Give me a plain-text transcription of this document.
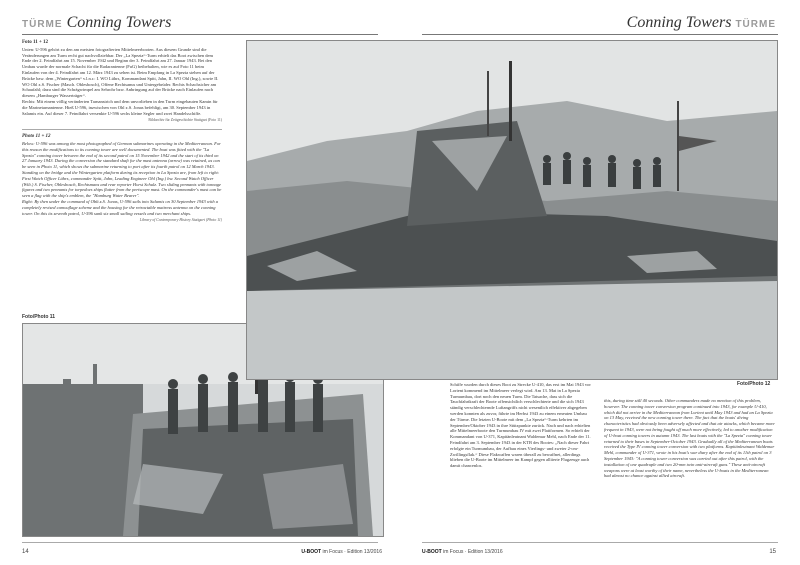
TÜRME Conning Towers
Foto 11 + 12
Unten: U-596 gehört zu den am meisten fotografierten Mittelmeerbooten. Aus diesem Grunde sind die Veränderungen am Turm recht gut nachvollziehbar. Der „La Spezia“-Turm erhielt das Boot zwischen dem Ende der 2. Feindfahrt am 15. November 1942 und Beginn der 3. Feindfahrt am 27. Januar 1943. Bei den Umbau wurde der normale Schacht für die Radarantenne (FuG) beibehalten, wie es auf Foto 11 beim Einlaufen von der 4. Feindfahrt am 12. März 1943 zu sehen ist. Beim Empfang in La Spezia stehen auf der Brücke bzw. dem „Wintergarten“ v.l.n.r.: I. WO Lührs, Kommandant Spitt, Jahn, II. WO Ohl (Ing.), sowie II. WO Ohl z.S. Fischer (Masch. Oblesbosch), Offene Rechtsanus und Untergebrüder. Rechts Schachsicher am Schaufahl; dazu sind die Schrägwimpel am Sehrohr bzw. Anbringung auf der Brücke nach Einlaufen nach diesem „Hamburger Wasserträger“.
Rechts: Mit einem völlig veränderten Tarnanstrich und dem unvorlieben in den Turm eingebauten Kamin für die Marinetarnantenne. Hieß U-596, inzwischen von Ohl z.S. Jonas befehligt, am 30. September 1943 in Salamis ein. Auf dieser 7. Feindfahrt versenkte U-596 sechs kleine Segler und zwei Handelsschiffe.
Bildarchiv für Zeitgeschichte Stuttgart (Foto 11)
Photo 11 + 12
Below: U-596 was among the most photographed of German submarines operating in the Mediterranean. For this reason the modifications to its conning tower are well documented. The boat was fitted with the "La Spezia" conning tower between the end of its second patrol on 15 November 1942 and the start of its third on 27 January 1943. During the conversion the standard shaft for the mast antenna (arrow) was retained, as can be seen in Photo 11, which shows the submarine returning to port after its fourth patrol on 12 March 1943. Standing on the bridge and the Wintergarten platform during its reception in La Spezia are, from left to right: First Watch Officer Lührs, commander Spitt, Jahn, Leading Engineer Ohl (Ing.) bw. Second Watch Officer (Wilt.) S. Fischer, Oblesbosch, Rechtsmans and rear reporter Horst Schulz. Two sliding pennants with tonnage figures and two pennants for torpedoes ships flutter from the periscope mast. On the commander's mast can be seen a flag with the ship's emblem, the "Hamburg Water Bearer".
Right: By then under the command of Oblt.z.S. Jonas, U-596 sails into Salamis on 30 September 1943 with a completely revised camouflage scheme and the housing for the retractable mattress antenna on the conning tower. On this its seventh patrol, U-596 sank six small sailing vessels and two merchant ships.
Library of Contemporary History Stuttgart (Photo 11)
Foto/Photo 11
14	U-BOOT im Focus · Edition 13/2016
Conning Towers TÜRME
Foto/Photo 12
Schiffe wurden durch dieses Boot zu Strecke U-410, das erst im Mai 1943 vor Lorient kommend im Mittelmeer verlegt wird. Am 13. Mai in La Spezia Turmumbau, dort noch den neuen Turm. Die Tatsache, dass sich die Tauchfahrtkraft der Boote offensichtlich verschlechterte und die sich 1943 ständig verschlechternde Luftangriffs nicht wesentlich effektiver abgegeben werden konnten als zuvor, führte im Herbst 1943 zu einem erneuten Umbau der Türme. Die letzten U-Boote mit dem „La Spezia“-Turm kehrten im September/Oktober 1943 in ihre Stützpunkte zurück. Nach und nach erhielten alle Mittelmeerboote den Turmumbau IV mit zwei Plattformen. So erhielt der Kommandant von U-371, Kapitänleutnant Waldemar Mehl, nach Ende der 11. Feindfahrt am 3. September 1943 in der KTB des Bootes: „Nach dieser Fahrt erfolgte ein Turmumbau, der Aufbau eines Vierlings- und zweier 2-cm-Zwillingsflak.“ Diese Flakwaffen waren überall zu bewaffnet, allerdings blieben die U-Boote im Mittelmeer im Kampf gegen alliierte Flugzeuge auch damit chancenlos.
this, during time still 40 seconds. Other commanders made no mention of this problem, however. The conning tower conversion program continued into 1943, for example U-410, which did not arrive in the Mediterranean from Lorient until May 1943 and had an La Spezia on 13 May, received the new conning tower there. The fact that the boats' diving characteristics had obviously been adversely affected and that air attacks, which became more frequent in 1943, were not being fought off much more effectively, led to another modification of U-boat conning towers in autumn 1943. The last boats with the "La Spezia" conning tower returned to their bases in September-October 1943. Gradually all of the Mediterranean boats received the Type IV conning tower conversion with two platforms. Kapitänleutnant Waldemar Mehl, commander of U-371, wrote in his boat's war diary after the end of its 11th patrol on 3 September 1943: "A conning tower conversion was carried out after this patrol, with the installation of one quadruple and two 20-mm twin anti-aircraft guns." These anti-aircraft weapons were at least worthy of their name, nevertheless the U-boats in the Mediterranean had almost no chance against allied aircraft.
U-BOOT im Focus · Edition 13/2016	15
